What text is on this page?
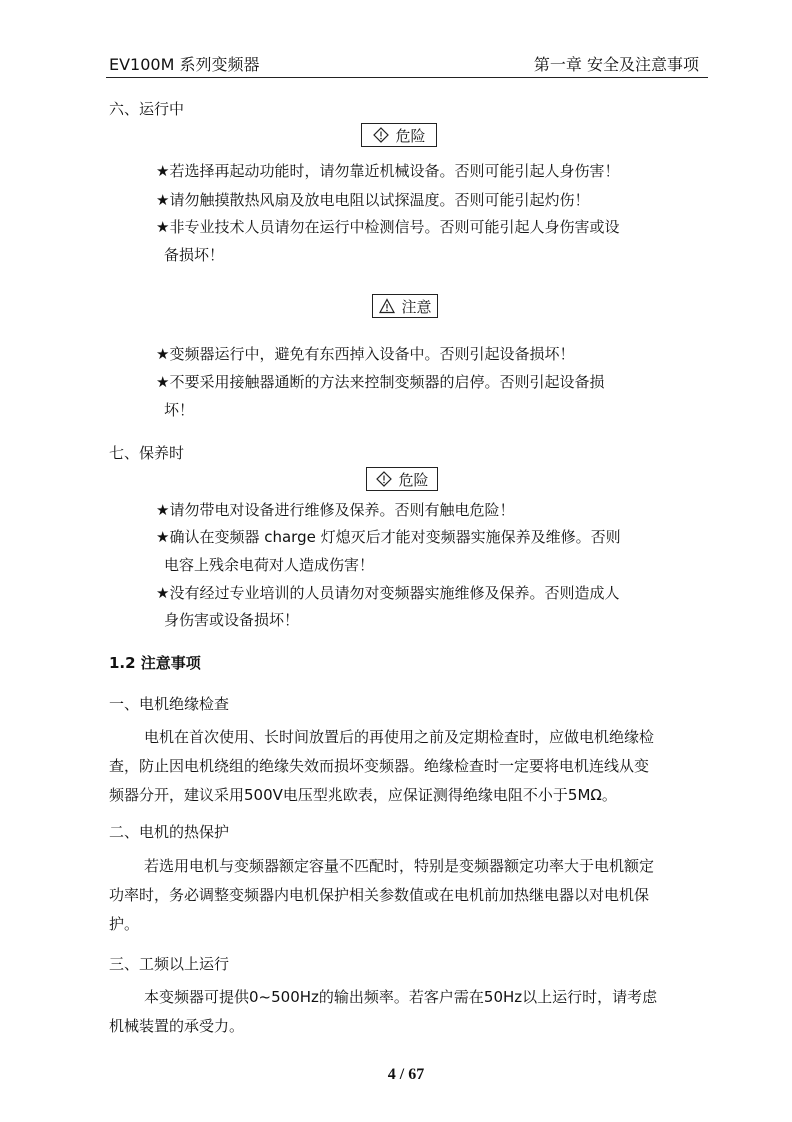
EV100M 系列变频器	第一章 安全及注意事项
六、运行中
危险
★若选择再起动功能时，请勿靠近机械设备。否则可能引起人身伤害！
★请勿触摸散热风扇及放电电阻以试探温度。否则可能引起灼伤！
★非专业技术人员请勿在运行中检测信号。否则可能引起人身伤害或设
备损坏！
注意
★变频器运行中，避免有东西掉入设备中。否则引起设备损坏！
★不要采用接触器通断的方法来控制变频器的启停。否则引起设备损
坏！
七、保养时
危险
★请勿带电对设备进行维修及保养。否则有触电危险！
★确认在变频器 charge 灯熄灭后才能对变频器实施保养及维修。否则
电容上残余电荷对人造成伤害！
★没有经过专业培训的人员请勿对变频器实施维修及保养。否则造成人
身伤害或设备损坏！
1.2 注意事项
一、电机绝缘检查
电机在首次使用、长时间放置后的再使用之前及定期检查时，应做电机绝缘检
查，防止因电机绕组的绝缘失效而损坏变频器。绝缘检查时一定要将电机连线从变
频器分开，建议采用500V电压型兆欧表，应保证测得绝缘电阻不小于5MΩ。
二、电机的热保护
若选用电机与变频器额定容量不匹配时，特别是变频器额定功率大于电机额定
功率时，务必调整变频器内电机保护相关参数值或在电机前加热继电器以对电机保
护。
三、工频以上运行
本变频器可提供0~500Hz的输出频率。若客户需在50Hz以上运行时，请考虑
机械装置的承受力。
4 / 67
